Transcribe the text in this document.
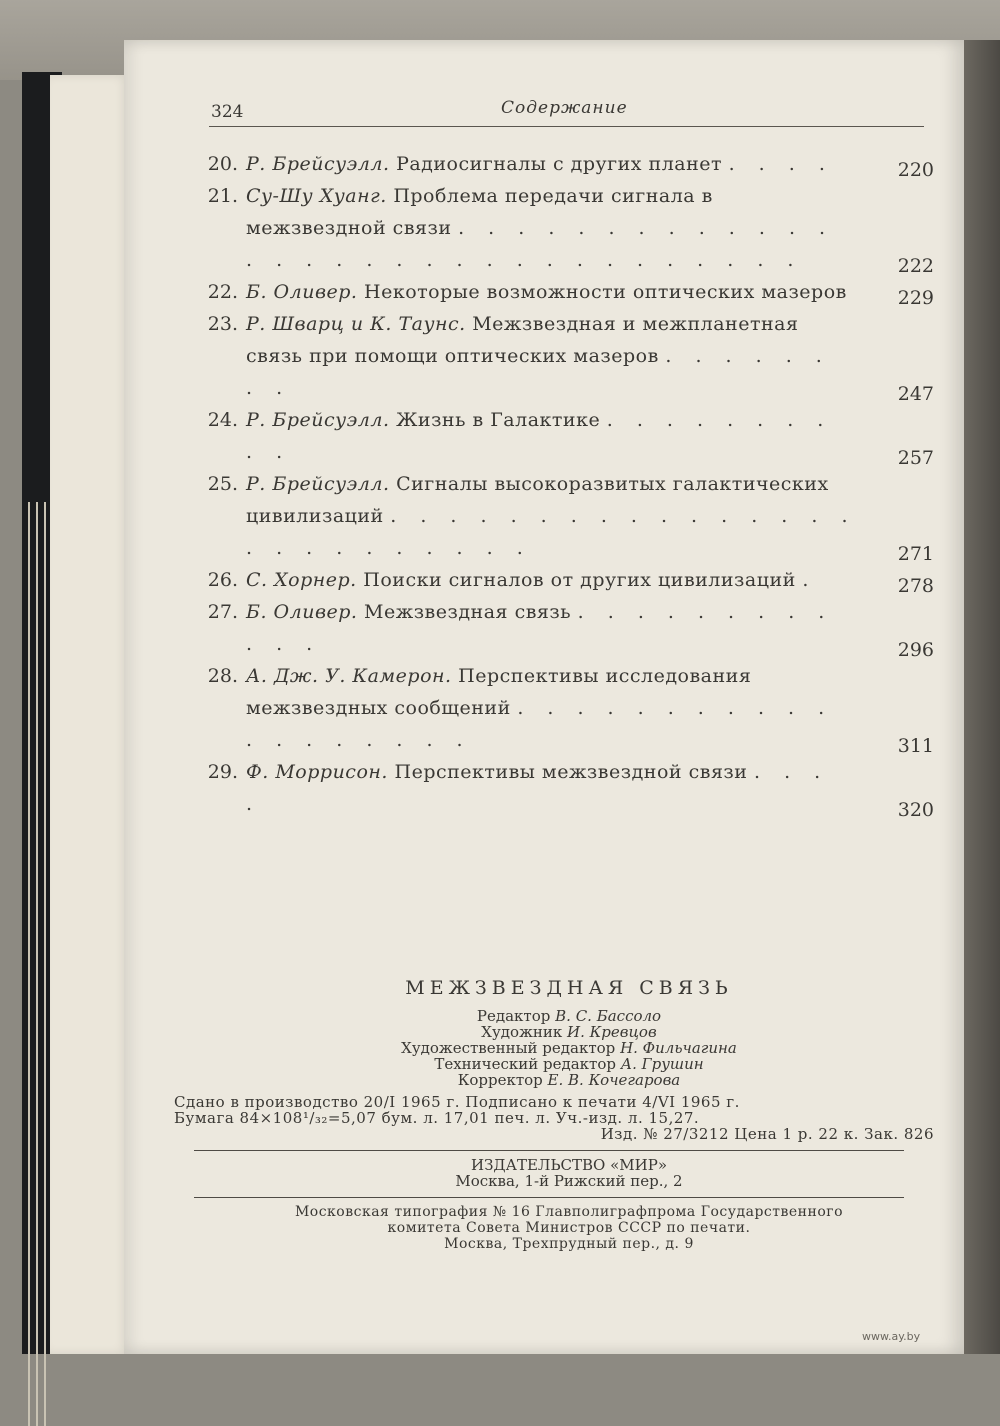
324	Содержание
20. Р. Брейсуэлл. Радиосигналы с других планет . . . .	220
21. Су-Шу Хуанг. Проблема передачи сигнала в межзвездной связи . . . . . . . . . . . . . . . . . . . . . . . . . . . . . . . .	222
22. Б. Оливер. Некоторые возможности оптических мазеров	229
23. Р. Шварц и К. Таунс. Межзвездная и межпланетная связь при помощи оптических мазеров . . . . . . . .	247
24. Р. Брейсуэлл. Жизнь в Галактике . . . . . . . . . .	257
25. Р. Брейсуэлл. Сигналы высокоразвитых галактических цивилизаций . . . . . . . . . . . . . . . . . . . . . . . . . .	271
26. С. Хорнер. Поиски сигналов от других цивилизаций .	278
27. Б. Оливер. Межзвездная связь . . . . . . . . . . . .	296
28. А. Дж. У. Камерон. Перспективы исследования межзвездных сообщений . . . . . . . . . . . . . . . . . . .	311
29. Ф. Моррисон. Перспективы межзвездной связи . . . .	320
МЕЖЗВЕЗДНАЯ СВЯЗЬ
Редактор В. С. Бассоло
Художник И. Кревцов
Художественный редактор Н. Фильчагина
Технический редактор А. Грушин
Корректор Е. В. Кочегарова
Сдано в производство 20/I 1965 г. Подписано к печати 4/VI 1965 г.
Бумага 84×108¹/₃₂=5,07 бум. л. 17,01 печ. л. Уч.-изд. л. 15,27.
Изд. № 27/3212 Цена 1 р. 22 к. Зак. 826
ИЗДАТЕЛЬСТВО «МИР»
Москва, 1-й Рижский пер., 2
Московская типография № 16 Главполиграфпрома Государственного
комитета Совета Министров СССР по печати.
Москва, Трехпрудный пер., д. 9
www.ay.by
